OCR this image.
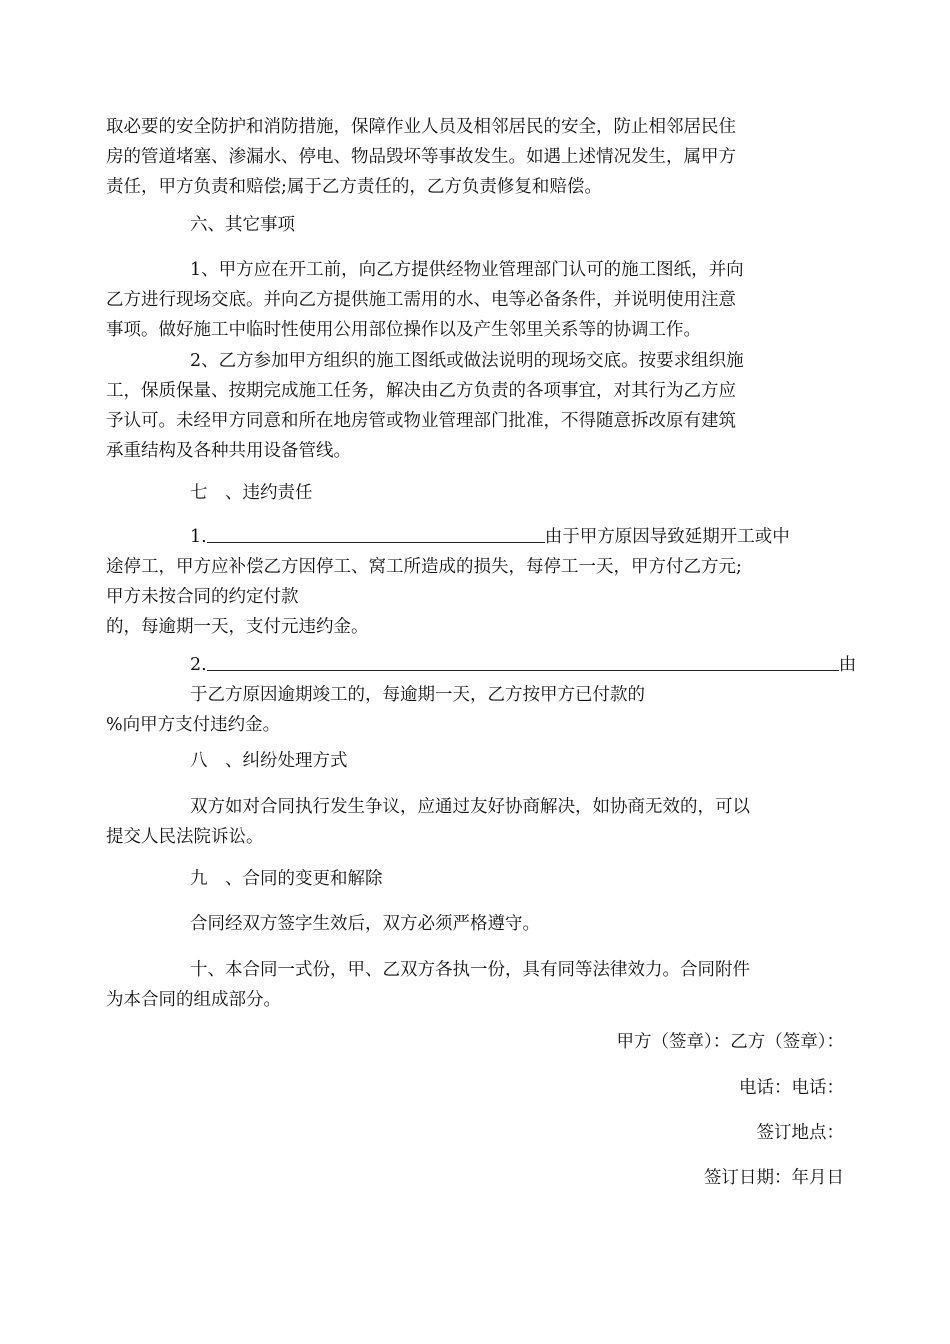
取必要的安全防护和消防措施，保障作业人员及相邻居民的安全，防止相邻居民住
房的管道堵塞、渗漏水、停电、物品毁坏等事故发生。如遇上述情况发生，属甲方
责任，甲方负责和赔偿;属于乙方责任的，乙方负责修复和赔偿。
六、其它事项
1、甲方应在开工前，向乙方提供经物业管理部门认可的施工图纸，并向
乙方进行现场交底。并向乙方提供施工需用的水、电等必备条件，并说明使用注意
事项。做好施工中临时性使用公用部位操作以及产生邻里关系等的协调工作。
2、乙方参加甲方组织的施工图纸或做法说明的现场交底。按要求组织施
工，保质保量、按期完成施工任务，解决由乙方负责的各项事宜，对其行为乙方应
予认可。未经甲方同意和所在地房管或物业管理部门批准，不得随意拆改原有建筑
承重结构及各种共用设备管线。
七　、违约责任
1.	由于甲方原因导致延期开工或中
途停工，甲方应补偿乙方因停工、窝工所造成的损失，每停工一天，甲方付乙方元;
甲方未按合同的约定付款
的，每逾期一天，支付元违约金。
2.	由
于乙方原因逾期竣工的，每逾期一天，乙方按甲方已付款的
%向甲方支付违约金。
八　、纠纷处理方式
双方如对合同执行发生争议，应通过友好协商解决，如协商无效的，可以
提交人民法院诉讼。
九　、合同的变更和解除
合同经双方签字生效后，双方必须严格遵守。
十、本合同一式份，甲、乙双方各执一份，具有同等法律效力。合同附件
为本合同的组成部分。
甲方（签章）：乙方（签章）：
电话：电话：
签订地点：
签订日期：年月日
